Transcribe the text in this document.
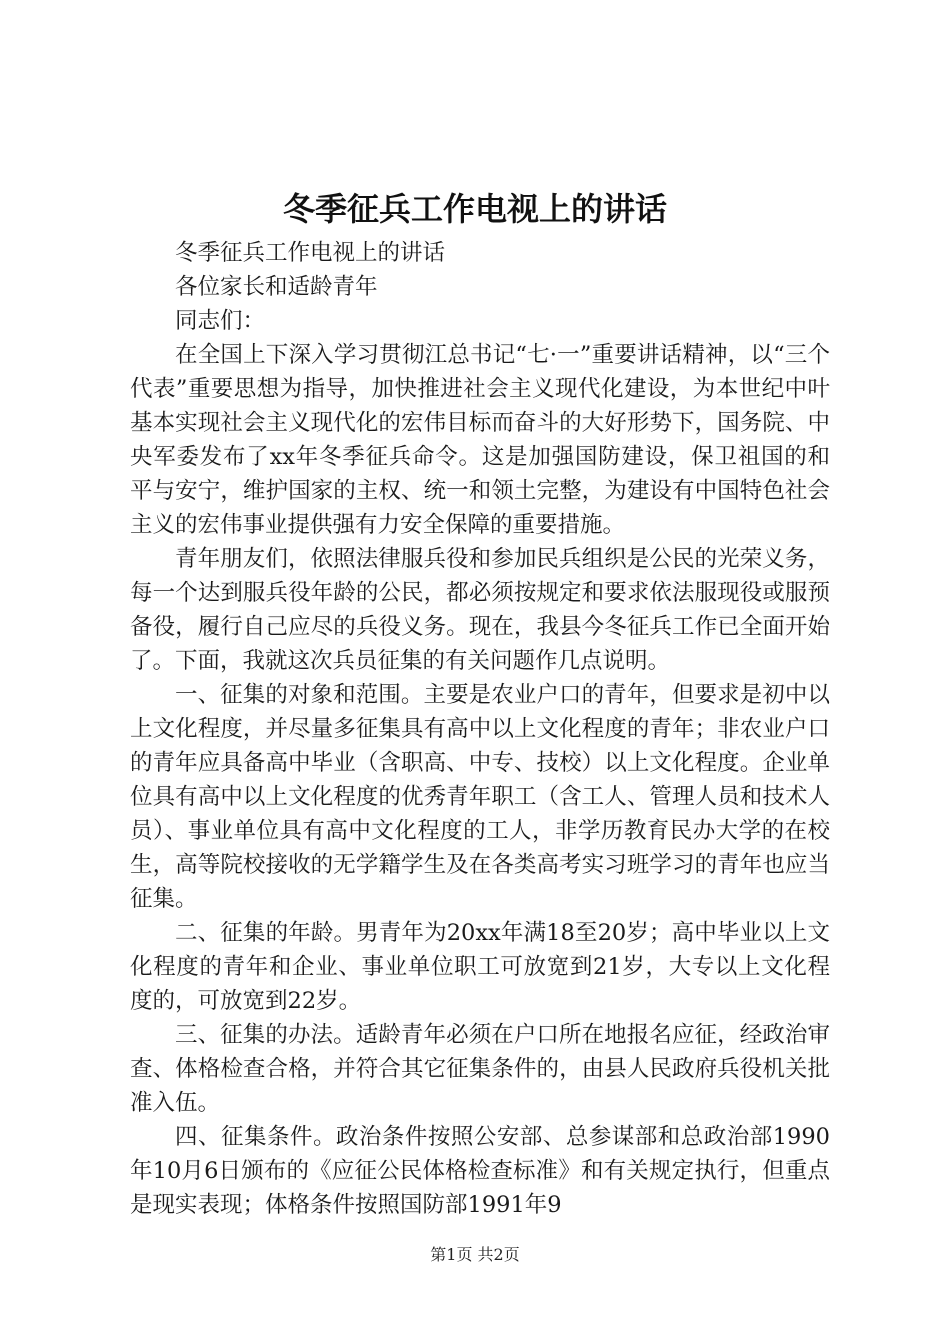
冬季征兵工作电视上的讲话

冬季征兵工作电视上的讲话

各位家长和适龄青年

同志们：

在全国上下深入学习贯彻江总书记“七·一”重要讲话精神，以“三个代表”重要思想为指导，加快推进社会主义现代化建设，为本世纪中叶基本实现社会主义现代化的宏伟目标而奋斗的大好形势下，国务院、中央军委发布了xx年冬季征兵命令。这是加强国防建设，保卫祖国的和平与安宁，维护国家的主权、统一和领土完整，为建设有中国特色社会主义的宏伟事业提供强有力安全保障的重要措施。

青年朋友们，依照法律服兵役和参加民兵组织是公民的光荣义务，每一个达到服兵役年龄的公民，都必须按规定和要求依法服现役或服预备役，履行自己应尽的兵役义务。现在，我县今冬征兵工作已全面开始了。下面，我就这次兵员征集的有关问题作几点说明。

一、征集的对象和范围。主要是农业户口的青年，但要求是初中以上文化程度，并尽量多征集具有高中以上文化程度的青年；非农业户口的青年应具备高中毕业（含职高、中专、技校）以上文化程度。企业单位具有高中以上文化程度的优秀青年职工（含工人、管理人员和技术人员）、事业单位具有高中文化程度的工人，非学历教育民办大学的在校生，高等院校接收的无学籍学生及在各类高考实习班学习的青年也应当征集。

二、征集的年龄。男青年为20xx年满18至20岁；高中毕业以上文化程度的青年和企业、事业单位职工可放宽到21岁，大专以上文化程度的，可放宽到22岁。

三、征集的办法。适龄青年必须在户口所在地报名应征，经政治审查、体格检查合格，并符合其它征集条件的，由县人民政府兵役机关批准入伍。

四、征集条件。政治条件按照公安部、总参谋部和总政治部1990年10月6日颁布的《应征公民体格检查标准》和有关规定执行，但重点是现实表现；体格条件按照国防部1991年9

第1页 共2页
